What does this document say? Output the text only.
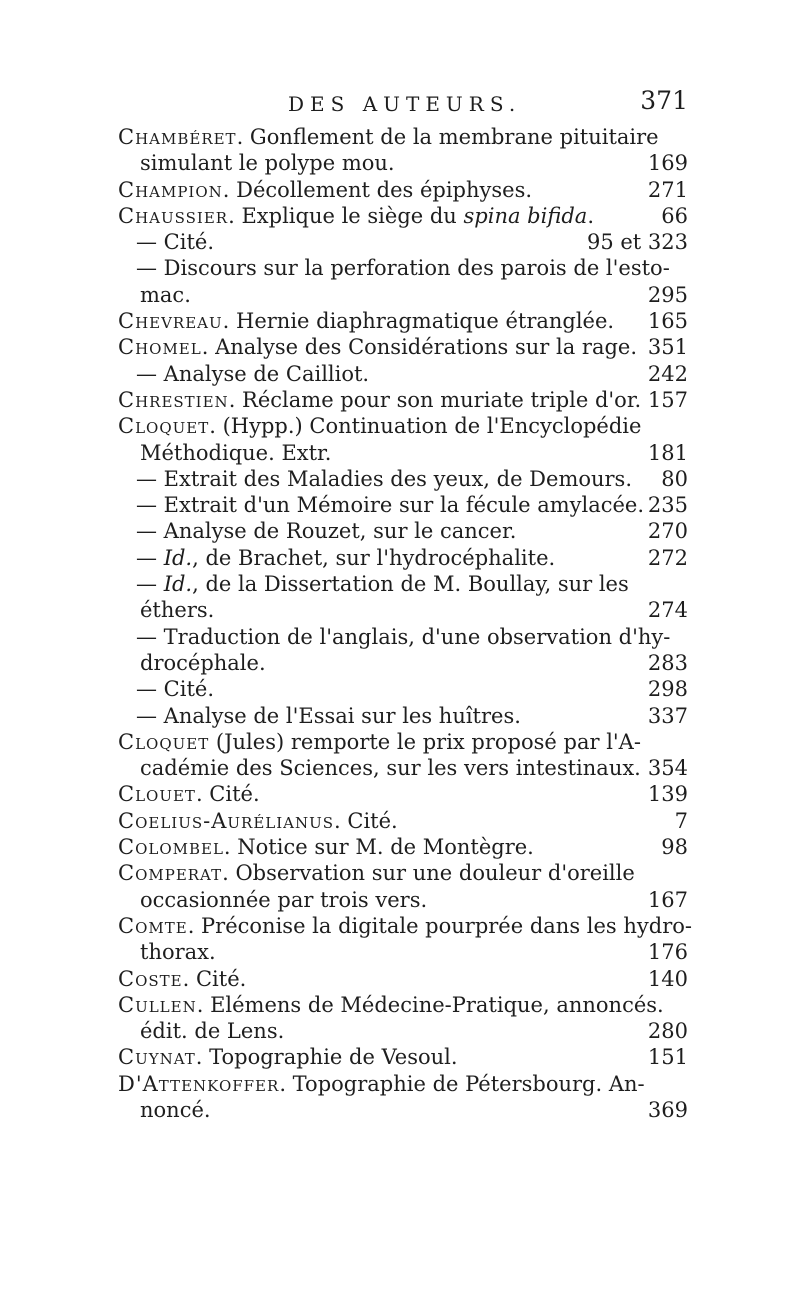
DES AUTEURS.	371
Chambéret. Gonflement de la membrane pituitaire
simulant le polype mou.	169
Champion. Décollement des épiphyses.	271
Chaussier. Explique le siège du spina bifida.	66
— Cité.	95 et 323
— Discours sur la perforation des parois de l'esto-
mac.	295
Chevreau. Hernie diaphragmatique étranglée. 165
Chomel. Analyse des Considérations sur la rage. 351
— Analyse de Cailliot.	242
Chrestien. Réclame pour son muriate triple d'or. 157
Cloquet. (Hypp.) Continuation de l'Encyclopédie
Méthodique. Extr.	181
— Extrait des Maladies des yeux, de Demours. 80
— Extrait d'un Mémoire sur la fécule amylacée. 235
— Analyse de Rouzet, sur le cancer.	270
— Id., de Brachet, sur l'hydrocéphalite.	272
— Id., de la Dissertation de M. Boullay, sur les
éthers.	274
— Traduction de l'anglais, d'une observation d'hy-
drocéphale.	283
— Cité.	298
— Analyse de l'Essai sur les huîtres.	337
Cloquet (Jules) remporte le prix proposé par l'A-
cadémie des Sciences, sur les vers intestinaux. 354
Clouet. Cité.	139
Coelius-Aurélianus. Cité.	7
Colombel. Notice sur M. de Montègre.	98
Comperat. Observation sur une douleur d'oreille
occasionnée par trois vers.	167
Comte. Préconise la digitale pourprée dans les hydro-
thorax.	176
Coste. Cité.	140
Cullen. Elémens de Médecine-Pratique, annoncés.
édit. de Lens.	280
Cuynat. Topographie de Vesoul.	151
D'Attenkoffer. Topographie de Pétersbourg. An-
noncé.	369
